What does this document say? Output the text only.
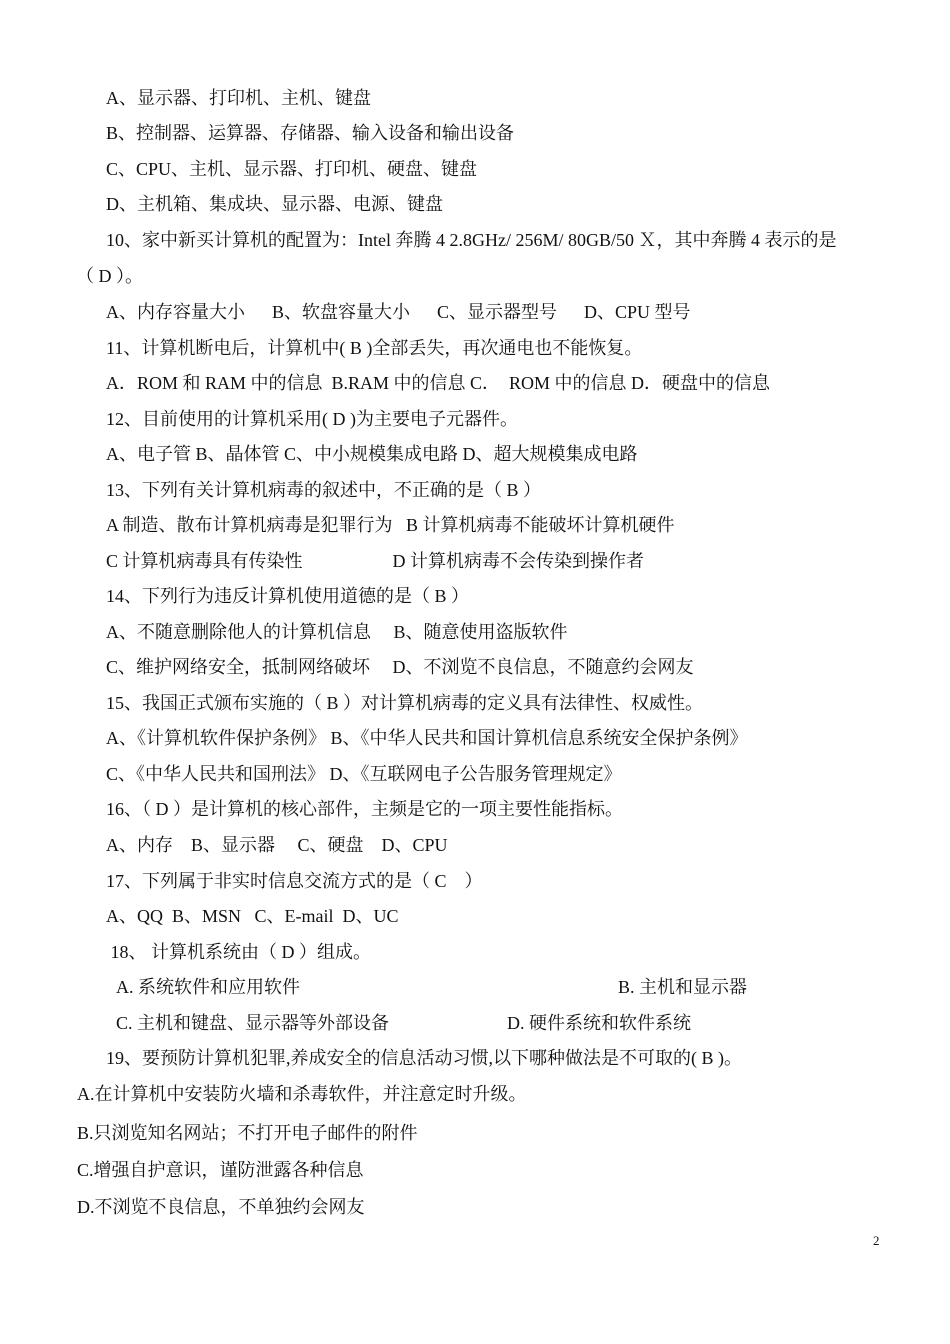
A、显示器、打印机、主机、键盘
B、控制器、运算器、存储器、输入设备和输出设备
C、CPU、主机、显示器、打印机、硬盘、键盘
D、主机箱、集成块、显示器、电源、键盘
10、家中新买计算机的配置为：Intel 奔腾 4 2.8GHz/ 256M/ 80GB/50 Ｘ，其中奔腾 4 表示的是
（ D ）。
A、内存容量大小      B、软盘容量大小      C、显示器型号      D、CPU 型号
11、计算机断电后，计算机中( B )全部丢失，再次通电也不能恢复。
A．ROM 和 RAM 中的信息  B.RAM 中的信息 C．  ROM 中的信息 D．硬盘中的信息
12、目前使用的计算机采用( D )为主要电子元器件。
A、电子管 B、晶体管 C、中小规模集成电路 D、超大规模集成电路
13、下列有关计算机病毒的叙述中，不正确的是（ B ）
A 制造、散布计算机病毒是犯罪行为   B 计算机病毒不能破坏计算机硬件
C 计算机病毒具有传染性                    D 计算机病毒不会传染到操作者
14、下列行为违反计算机使用道德的是（ B ）
A、不随意删除他人的计算机信息     B、随意使用盗版软件
C、维护网络安全，抵制网络破坏     D、不浏览不良信息，不随意约会网友
15、我国正式颁布实施的（ B ）对计算机病毒的定义具有法律性、权威性。
A、《计算机软件保护条例》 B、《中华人民共和国计算机信息系统安全保护条例》
C、《中华人民共和国刑法》 D、《互联网电子公告服务管理规定》
16、（ D ）是计算机的核心部件，主频是它的一项主要性能指标。
A、内存    B、显示器     C、硬盘    D、CPU
17、下列属于非实时信息交流方式的是（ C    ）
A、QQ  B、MSN   C、E-mail  D、UC
18、 计算机系统由（ D ）组成。
A. 系统软件和应用软件	B. 主机和显示器
C. 主机和键盘、显示器等外部设备	D. 硬件系统和软件系统
19、要预防计算机犯罪,养成安全的信息活动习惯,以下哪种做法是不可取的( B )。
A.在计算机中安装防火墙和杀毒软件，并注意定时升级。
B.只浏览知名网站；不打开电子邮件的附件
C.增强自护意识，谨防泄露各种信息
D.不浏览不良信息，不单独约会网友
2
